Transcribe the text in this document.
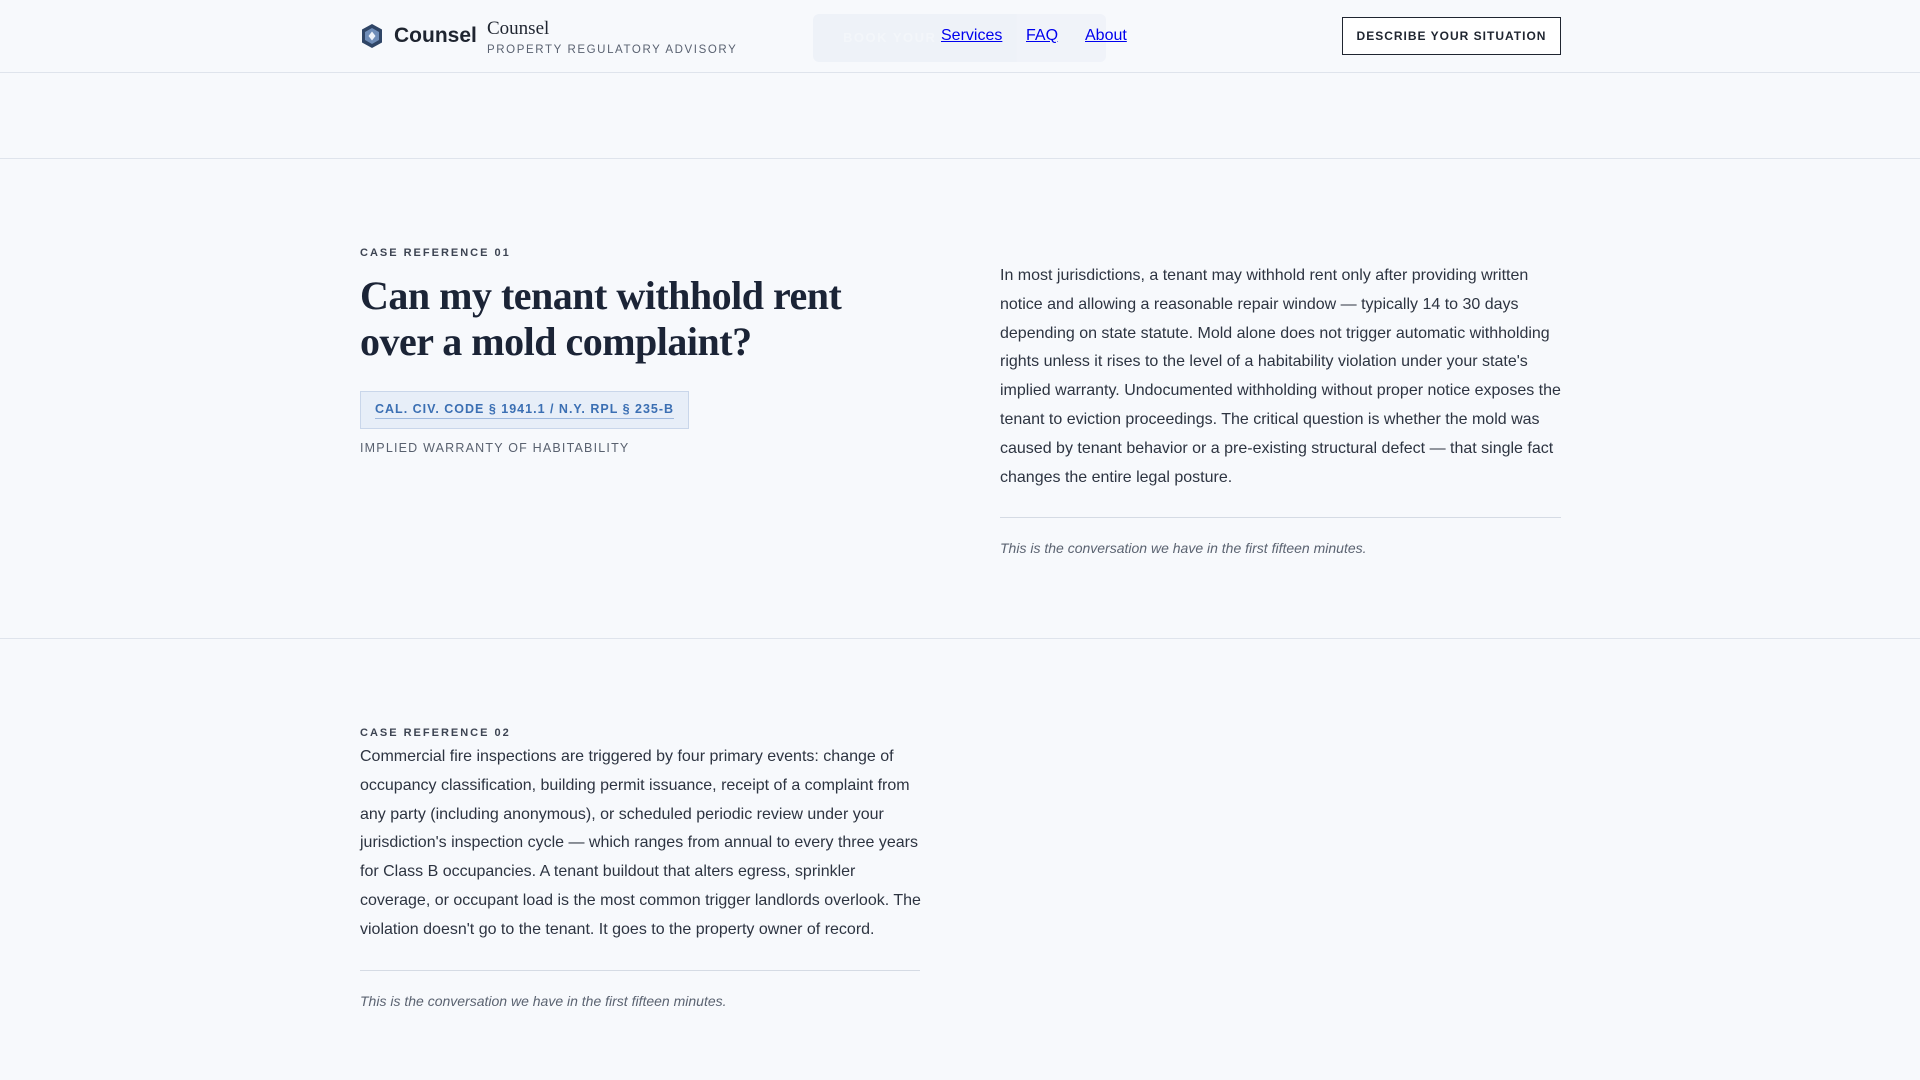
Counsel Counsel
PROPERTY REGULATORY ADVISORY
BOOK YOUR Services FAQ About	DESCRIBE YOUR SITUATION
CASE REFERENCE 01
Can my tenant withhold rent over a mold complaint?
CAL. CIV. CODE § 1941.1 / N.Y. RPL § 235-B
IMPLIED WARRANTY OF HABITABILITY

In most jurisdictions, a tenant may withhold rent only after providing written notice and allowing a reasonable repair window — typically 14 to 30 days depending on state statute. Mold alone does not trigger automatic withholding rights unless it rises to the level of a habitability violation under your state's implied warranty. Undocumented withholding without proper notice exposes the tenant to eviction proceedings. The critical question is whether the mold was caused by tenant behavior or a pre-existing structural defect — that single fact changes the entire legal posture.

This is the conversation we have in the first fifteen minutes.
CASE REFERENCE 02

Commercial fire inspections are triggered by four primary events: change of occupancy classification, building permit issuance, receipt of a complaint from any party (including anonymous), or scheduled periodic review under your jurisdiction's inspection cycle — which ranges from annual to every three years for Class B occupancies. A tenant buildout that alters egress, sprinkler coverage, or occupant load is the most common trigger landlords overlook. The violation doesn't go to the tenant. It goes to the property owner of record.

This is the conversation we have in the first fifteen minutes.
